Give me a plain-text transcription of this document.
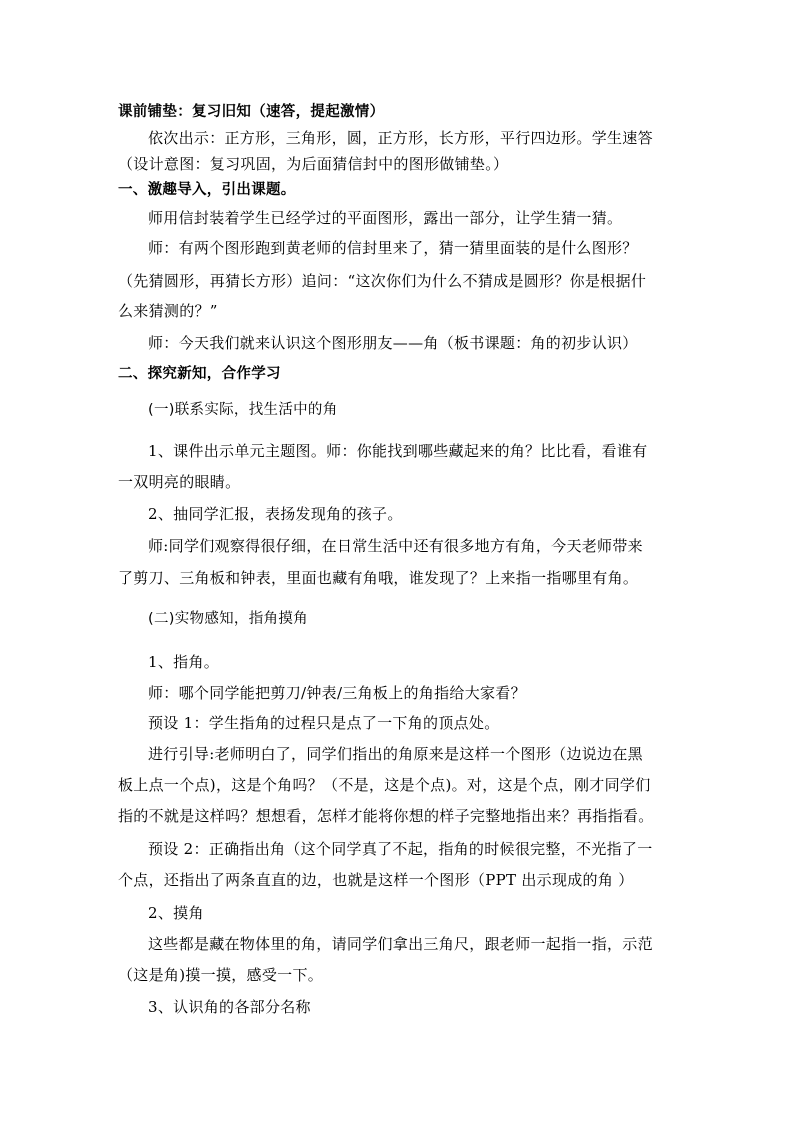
课前铺垫：复习旧知（速答，提起激情）
依次出示：正方形，三角形，圆，正方形，长方形，平行四边形。学生速答
（设计意图：复习巩固，为后面猜信封中的图形做铺垫。）
一、激趣导入，引出课题。
师用信封装着学生已经学过的平面图形，露出一部分，让学生猜一猜。
师：有两个图形跑到黄老师的信封里来了，猜一猜里面装的是什么图形？
（先猜圆形，再猜长方形）追问：“这次你们为什么不猜成是圆形？你是根据什
么来猜测的？”
师：今天我们就来认识这个图形朋友——角（板书课题：角的初步认识）
二、探究新知，合作学习
(一)联系实际，找生活中的角
1、课件出示单元主题图。师：你能找到哪些藏起来的角？比比看，看谁有
一双明亮的眼睛。
2、抽同学汇报，表扬发现角的孩子。
师:同学们观察得很仔细，在日常生活中还有很多地方有角，今天老师带来
了剪刀、三角板和钟表，里面也藏有角哦，谁发现了？上来指一指哪里有角。
(二)实物感知，指角摸角
1、指角。
师：哪个同学能把剪刀/钟表/三角板上的角指给大家看？
预设 1：学生指角的过程只是点了一下角的顶点处。
进行引导:老师明白了，同学们指出的角原来是这样一个图形（边说边在黑
板上点一个点)，这是个角吗？（不是，这是个点)。对，这是个点，刚才同学们
指的不就是这样吗？想想看，怎样才能将你想的样子完整地指出来？再指指看。
预设 2：正确指出角（这个同学真了不起，指角的时候很完整，不光指了一
个点，还指出了两条直直的边，也就是这样一个图形（PPT 出示现成的角 ）
2、摸角
这些都是藏在物体里的角，请同学们拿出三角尺，跟老师一起指一指，示范
（这是角)摸一摸，感受一下。
3、认识角的各部分名称
